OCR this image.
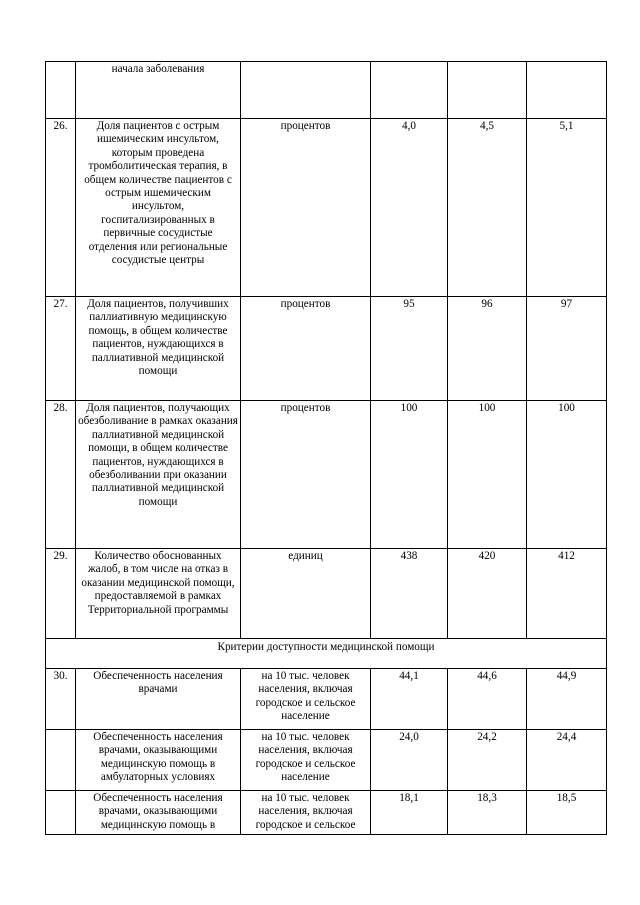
	начала заболевания				
26.	Доля пациентов с острым ишемическим инсультом, которым проведена тромболитическая терапия, в общем количестве пациентов с острым ишемическим инсультом, госпитализированных в первичные сосудистые отделения или региональные сосудистые центры	процентов	4,0	4,5	5,1
27.	Доля пациентов, получивших паллиативную медицинскую помощь, в общем количестве пациентов, нуждающихся в паллиативной медицинской помощи	процентов	95	96	97
28.	Доля пациентов, получающих обезболивание в рамках оказания паллиативной медицинской помощи, в общем количестве пациентов, нуждающихся в обезболивании при оказании паллиативной медицинской помощи	процентов	100	100	100
29.	Количество обоснованных жалоб, в том числе на отказ в оказании медицинской помощи, предоставляемой в рамках Территориальной программы	единиц	438	420	412
Критерии доступности медицинской помощи					
30.	Обеспеченность населения врачами	на 10 тыс. человек населения, включая городское и сельское население	44,1	44,6	44,9
	Обеспеченность населения врачами, оказывающими медицинскую помощь в амбулаторных условиях	на 10 тыс. человек населения, включая городское и сельское население	24,0	24,2	24,4
	Обеспеченность населения врачами, оказывающими медицинскую помощь в	на 10 тыс. человек населения, включая городское и сельское	18,1	18,3	18,5
